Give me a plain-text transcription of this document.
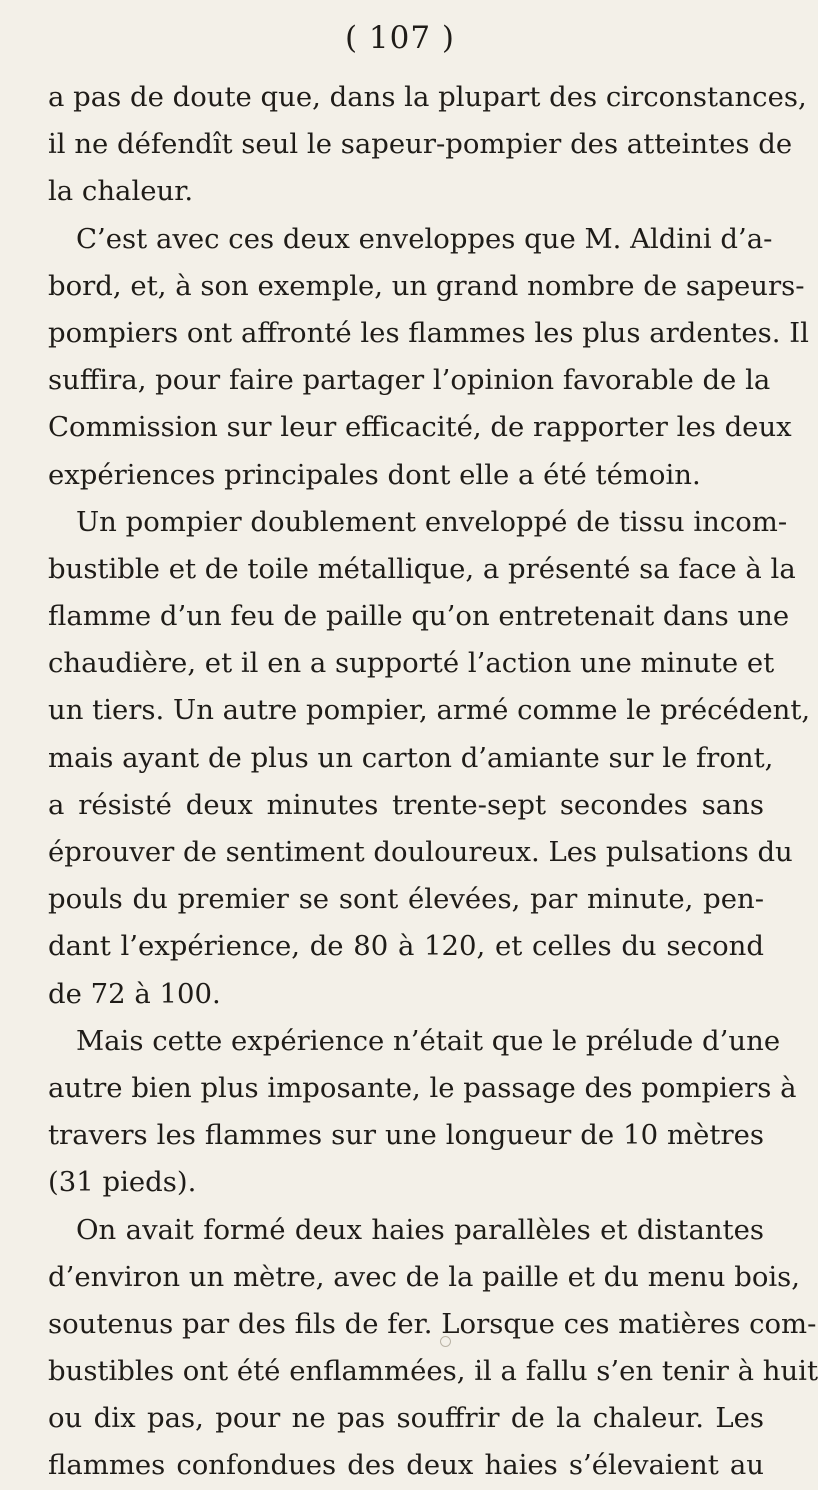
( 107 )
a pas de doute que, dans la plupart des circonstances,
il ne défendît seul le sapeur-pompier des atteintes de
la chaleur.
C’est avec ces deux enveloppes que M. Aldini d’a-
bord, et, à son exemple, un grand nombre de sapeurs-
pompiers ont affronté les flammes les plus ardentes. Il
suffira, pour faire partager l’opinion favorable de la
Commission sur leur efficacité, de rapporter les deux
expériences principales dont elle a été témoin.
Un pompier doublement enveloppé de tissu incom-
bustible et de toile métallique, a présenté sa face à la
flamme d’un feu de paille qu’on entretenait dans une
chaudière, et il en a supporté l’action une minute et
un tiers. Un autre pompier, armé comme le précédent,
mais ayant de plus un carton d’amiante sur le front,
a résisté deux minutes trente-sept secondes sans
éprouver de sentiment douloureux. Les pulsations du
pouls du premier se sont élevées, par minute, pen-
dant l’expérience, de 80 à 120, et celles du second
de 72 à 100.
Mais cette expérience n’était que le prélude d’une
autre bien plus imposante, le passage des pompiers à
travers les flammes sur une longueur de 10 mètres
(31 pieds).
On avait formé deux haies parallèles et distantes
d’environ un mètre, avec de la paille et du menu bois,
soutenus par des fils de fer. Lorsque ces matières com-
bustibles ont été enflammées, il a fallu s’en tenir à huit
ou dix pas, pour ne pas souffrir de la chaleur. Les
flammes confondues des deux haies s’élevaient au
